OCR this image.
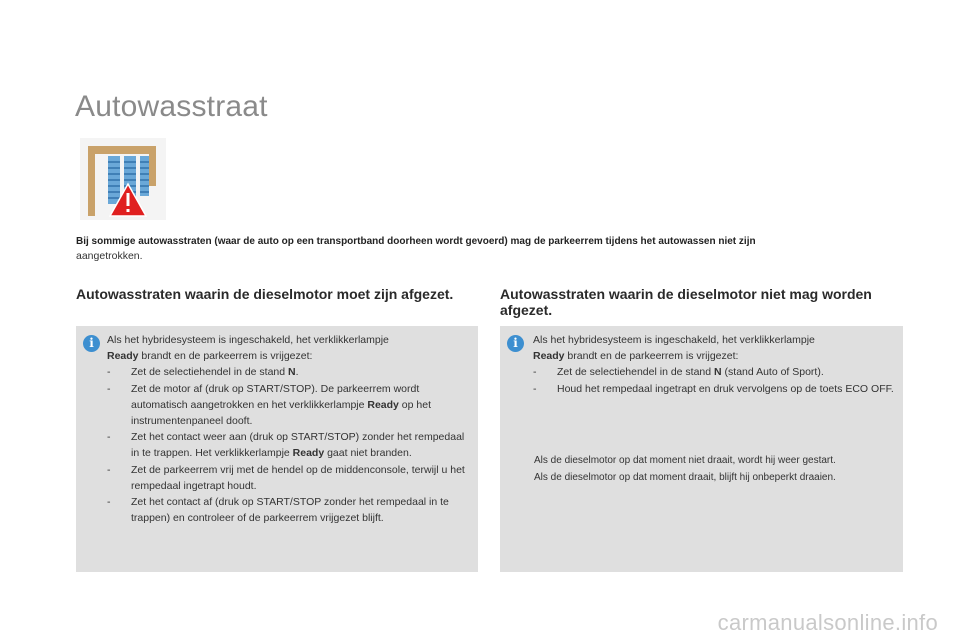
Autowasstraat
Bij sommige autowasstraten (waar de auto op een transportband doorheen wordt gevoerd) mag de parkeerrem tijdens het autowassen niet zijn
aangetrokken.
Autowasstraten waarin de dieselmotor moet zijn afgezet.
i	Als het hybridesysteem is ingeschakeld, het verklikkerlampje
Ready brandt en de parkeerrem is vrijgezet:
- Zet de selectiehendel in de stand N.
- Zet de motor af (druk op START/STOP). De parkeerrem wordt automatisch aangetrokken en het verklikkerlampje Ready op het instrumentenpaneel dooft.
- Zet het contact weer aan (druk op START/STOP) zonder het rempedaal in te trappen. Het verklikkerlampje Ready gaat niet branden.
- Zet de parkeerrem vrij met de hendel op de middenconsole, terwijl u het rempedaal ingetrapt houdt.
- Zet het contact af (druk op START/STOP zonder het rempedaal in te trappen) en controleer of de parkeerrem vrijgezet blijft.
Autowasstraten waarin de dieselmotor niet mag worden afgezet.
i	Als het hybridesysteem is ingeschakeld, het verklikkerlampje
Ready brandt en de parkeerrem is vrijgezet:
- Zet de selectiehendel in de stand N (stand Auto of Sport).
- Houd het rempedaal ingetrapt en druk vervolgens op de toets ECO OFF.
Als de dieselmotor op dat moment niet draait, wordt hij weer gestart.
Als de dieselmotor op dat moment draait, blijft hij onbeperkt draaien.
carmanualsonline.info
